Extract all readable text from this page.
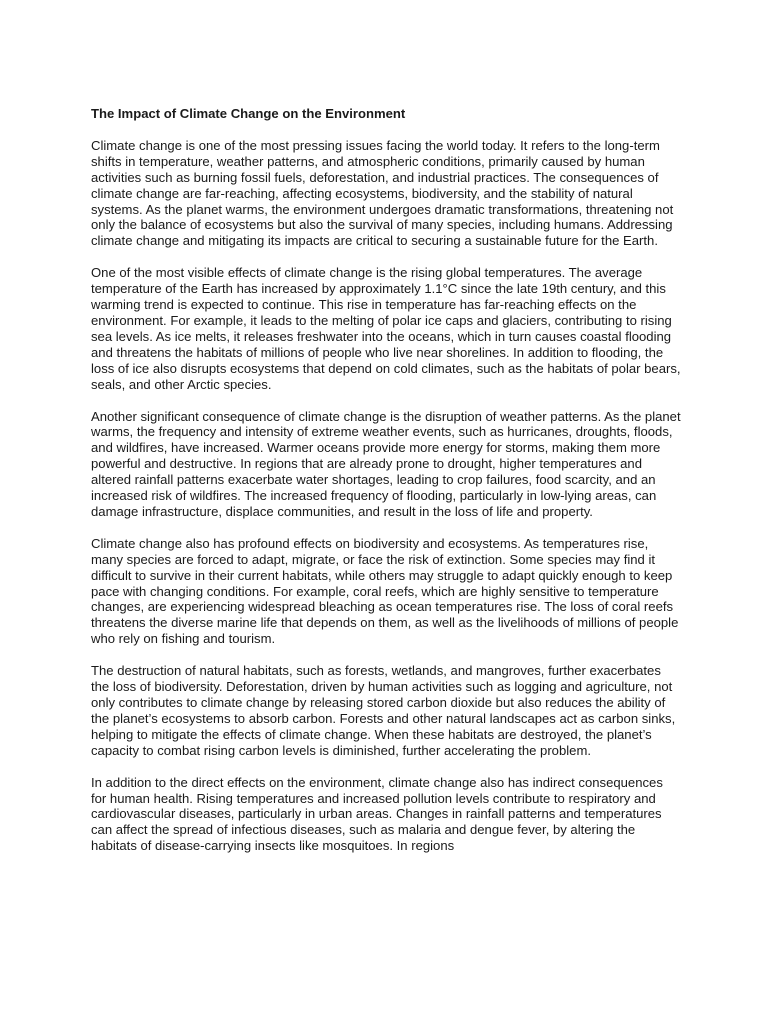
The Impact of Climate Change on the Environment

Climate change is one of the most pressing issues facing the world today. It refers to the long-term shifts in temperature, weather patterns, and atmospheric conditions, primarily caused by human activities such as burning fossil fuels, deforestation, and industrial practices. The consequences of climate change are far-reaching, affecting ecosystems, biodiversity, and the stability of natural systems. As the planet warms, the environment undergoes dramatic transformations, threatening not only the balance of ecosystems but also the survival of many species, including humans. Addressing climate change and mitigating its impacts are critical to securing a sustainable future for the Earth.

One of the most visible effects of climate change is the rising global temperatures. The average temperature of the Earth has increased by approximately 1.1°C since the late 19th century, and this warming trend is expected to continue. This rise in temperature has far-reaching effects on the environment. For example, it leads to the melting of polar ice caps and glaciers, contributing to rising sea levels. As ice melts, it releases freshwater into the oceans, which in turn causes coastal flooding and threatens the habitats of millions of people who live near shorelines. In addition to flooding, the loss of ice also disrupts ecosystems that depend on cold climates, such as the habitats of polar bears, seals, and other Arctic species.

Another significant consequence of climate change is the disruption of weather patterns. As the planet warms, the frequency and intensity of extreme weather events, such as hurricanes, droughts, floods, and wildfires, have increased. Warmer oceans provide more energy for storms, making them more powerful and destructive. In regions that are already prone to drought, higher temperatures and altered rainfall patterns exacerbate water shortages, leading to crop failures, food scarcity, and an increased risk of wildfires. The increased frequency of flooding, particularly in low-lying areas, can damage infrastructure, displace communities, and result in the loss of life and property.

Climate change also has profound effects on biodiversity and ecosystems. As temperatures rise, many species are forced to adapt, migrate, or face the risk of extinction. Some species may find it difficult to survive in their current habitats, while others may struggle to adapt quickly enough to keep pace with changing conditions. For example, coral reefs, which are highly sensitive to temperature changes, are experiencing widespread bleaching as ocean temperatures rise. The loss of coral reefs threatens the diverse marine life that depends on them, as well as the livelihoods of millions of people who rely on fishing and tourism.

The destruction of natural habitats, such as forests, wetlands, and mangroves, further exacerbates the loss of biodiversity. Deforestation, driven by human activities such as logging and agriculture, not only contributes to climate change by releasing stored carbon dioxide but also reduces the ability of the planet’s ecosystems to absorb carbon. Forests and other natural landscapes act as carbon sinks, helping to mitigate the effects of climate change. When these habitats are destroyed, the planet’s capacity to combat rising carbon levels is diminished, further accelerating the problem.

In addition to the direct effects on the environment, climate change also has indirect consequences for human health. Rising temperatures and increased pollution levels contribute to respiratory and cardiovascular diseases, particularly in urban areas. Changes in rainfall patterns and temperatures can affect the spread of infectious diseases, such as malaria and dengue fever, by altering the habitats of disease-carrying insects like mosquitoes. In regions
